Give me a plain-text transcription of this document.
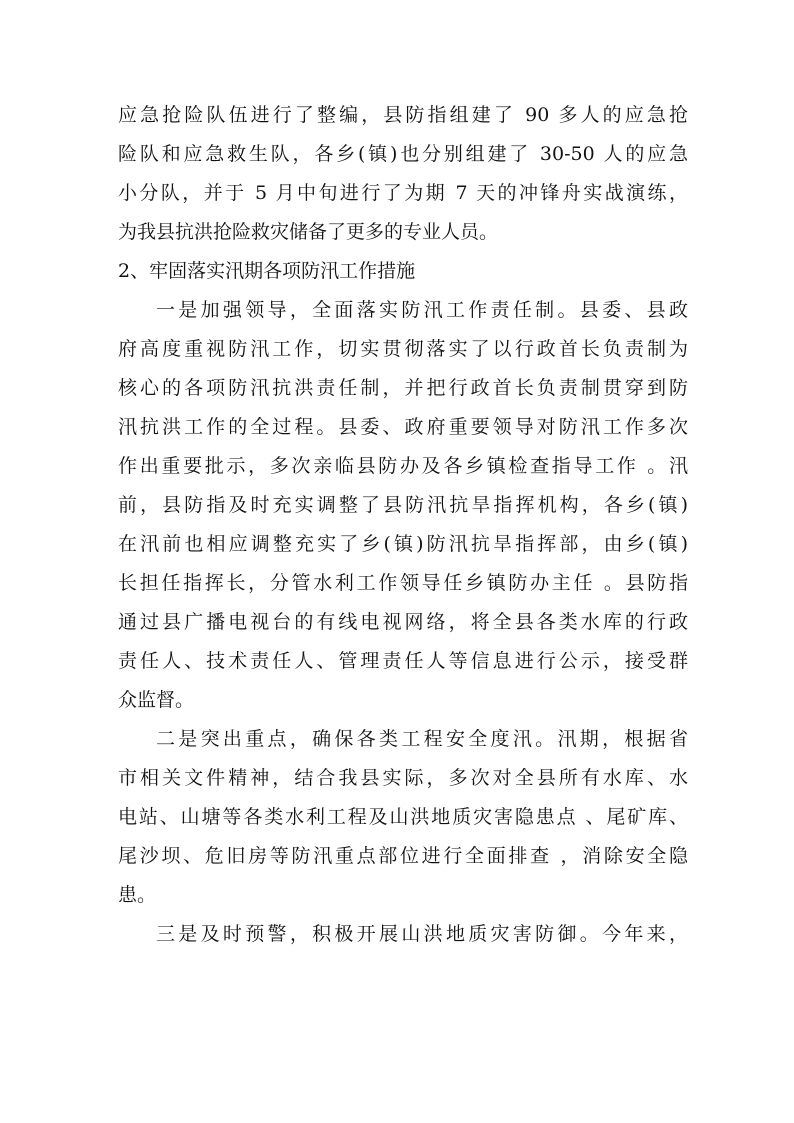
应急抢险队伍进行了整编，县防指组建了 90 多人的应急抢
险队和应急救生队，各乡(镇)也分别组建了 30-50 人的应急
小分队，并于 5 月中旬进行了为期 7 天的冲锋舟实战演练，
为我县抗洪抢险救灾储备了更多的专业人员。
2、牢固落实汛期各项防汛工作措施
一是加强领导，全面落实防汛工作责任制。县委、县政
府高度重视防汛工作，切实贯彻落实了以行政首长负责制为
核心的各项防汛抗洪责任制，并把行政首长负责制贯穿到防
汛抗洪工作的全过程。县委、政府重要领导对防汛工作多次
作出重要批示，多次亲临县防办及各乡镇检查指导工作 。汛
前，县防指及时充实调整了县防汛抗旱指挥机构，各乡(镇)
在汛前也相应调整充实了乡(镇)防汛抗旱指挥部，由乡(镇)
长担任指挥长，分管水利工作领导任乡镇防办主任 。县防指
通过县广播电视台的有线电视网络，将全县各类水库的行政
责任人、技术责任人、管理责任人等信息进行公示，接受群
众监督。
二是突出重点，确保各类工程安全度汛。汛期，根据省
市相关文件精神，结合我县实际，多次对全县所有水库、水
电站、山塘等各类水利工程及山洪地质灾害隐患点 、尾矿库、
尾沙坝、危旧房等防汛重点部位进行全面排查 ，消除安全隐
患。
三是及时预警，积极开展山洪地质灾害防御。今年来，
